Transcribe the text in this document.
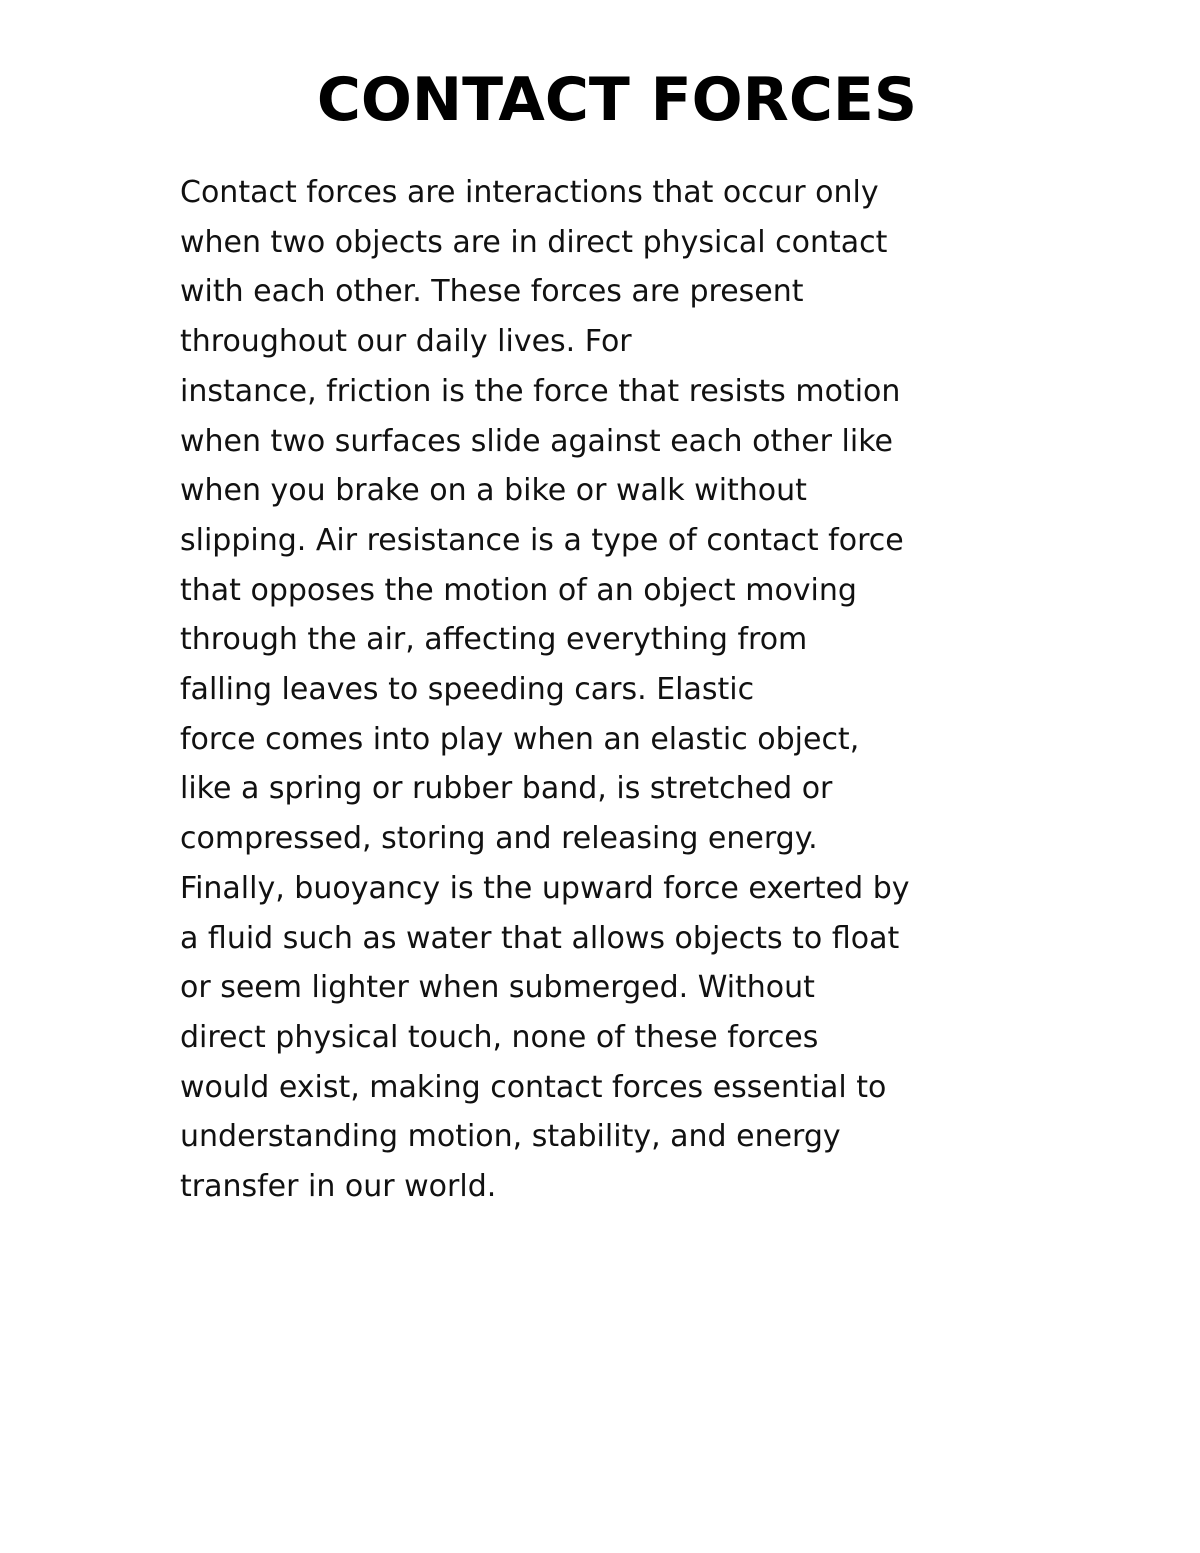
CONTACT FORCES
Contact forces are interactions that occur only
when two objects are in direct physical contact
with each other. These forces are present
throughout our daily lives. For
instance, friction is the force that resists motion
when two surfaces slide against each other like
when you brake on a bike or walk without
slipping. Air resistance is a type of contact force
that opposes the motion of an object moving
through the air, affecting everything from
falling leaves to speeding cars. Elastic
force comes into play when an elastic object,
like a spring or rubber band, is stretched or
compressed, storing and releasing energy.
Finally, buoyancy is the upward force exerted by
a fluid such as water that allows objects to float
or seem lighter when submerged. Without
direct physical touch, none of these forces
would exist, making contact forces essential to
understanding motion, stability, and energy
transfer in our world.
